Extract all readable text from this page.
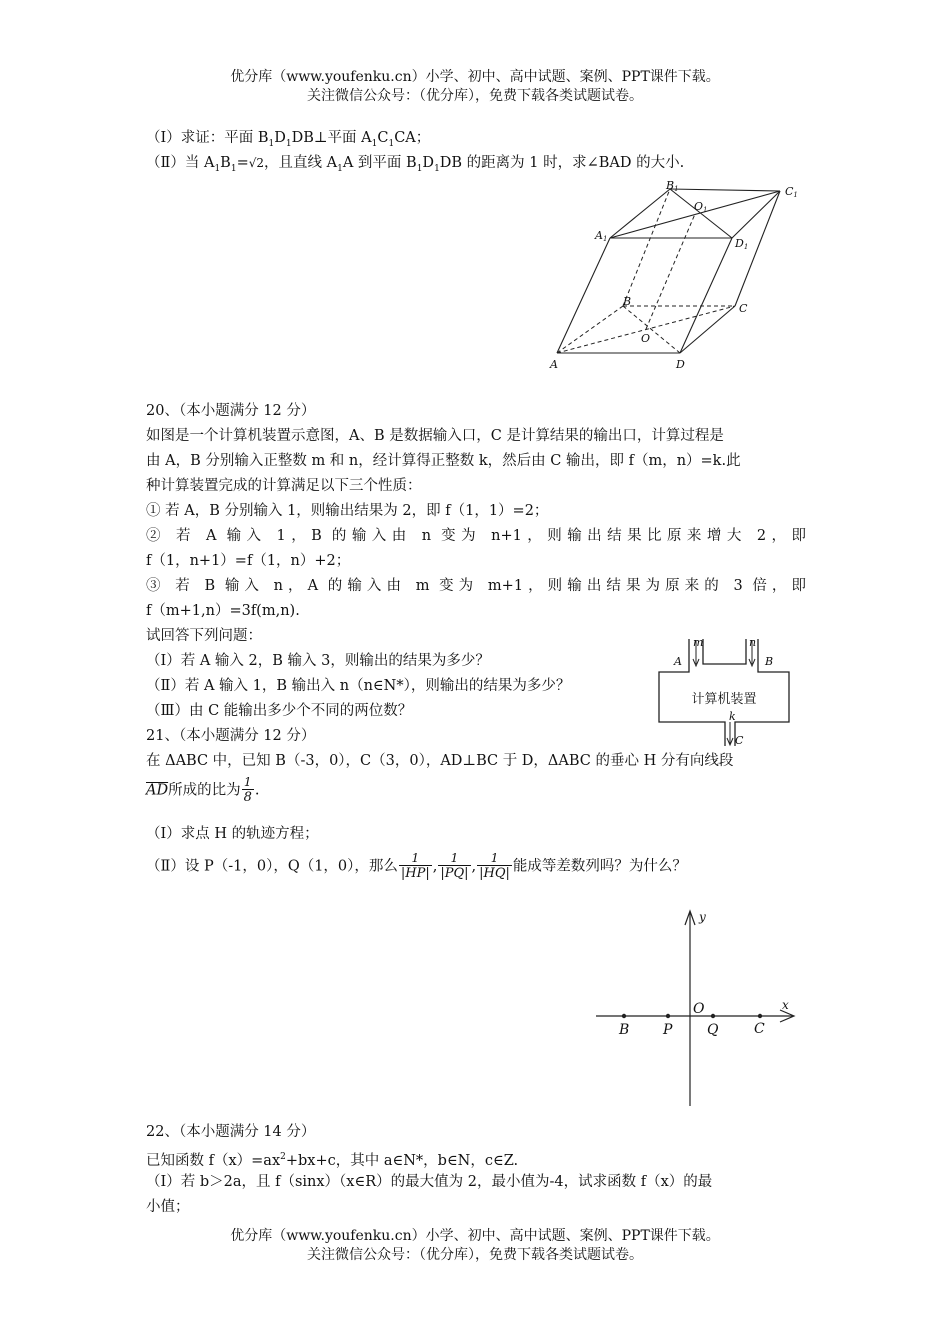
优分库（www.youfenku.cn）小学、初中、高中试题、案例、PPT课件下载。
关注微信公众号：（优分库），免费下载各类试题试卷。
（Ⅰ）求证：平面 $B_1D_1DB\perp$平面 $A_1C_1CA$；
（Ⅱ）当 $A_1B_1=√2$，且直线 $A_1A$ 到平面 $B_1D_1DB$ 的距离为 1 时，求∠BAD 的大小.
A	D
B
C
O
A1
B1	C1
D1
O1
20、（本小题满分 12 分）
如图是一个计算机装置示意图，A、B 是数据输入口，C 是计算结果的输出口，计算过程是
由 A，B 分别输入正整数 m 和 n，经计算得正整数 k，然后由 C 输出，即 f（m，n）=k.此
种计算装置完成的计算满足以下三个性质：
① 若 A，B 分别输入 1，则输出结果为 2，即 f（1，1）=2；
② 若 A 输入 1，B 的输入由 n 变为 n+1，则输出结果比原来增大 2，即
f（1，n+1）=f（1，n）+2；
③ 若 B 输入 n，A 的输入由 m 变为 m+1，则输出结果为原来的 3 倍，即
f（m+1,n）=3f(m,n).
试回答下列问题：
（Ⅰ）若 A 输入 2，B 输入 3，则输出的结果为多少？
（Ⅱ）若 A 输入 1，B 输出入 n（n∈N*），则输出的结果为多少？
（Ⅲ）由 C 能输出多少个不同的两位数？
m	n
A	B
k
C
计算机装置
21、（本小题满分 12 分）
在 ΔABC 中，已知 B（-3，0），C（3，0），AD⊥BC 于 D，ΔABC 的垂心 H 分有向线段
$\overline{AD}$所成的比为 $\frac{1}{8}$ .
（Ⅰ）求点 H 的轨迹方程；
（Ⅱ）设 P（-1，0），Q（1，0），那么 $\frac{1}{|HP|}$ , $\frac{1}{|PQ|}$ , $\frac{1}{|HQ|}$ 能成等差数列吗？为什么？
y
x
O
B P Q	C
22、（本小题满分 14 分）
已知函数 $f(x)=ax^2+bx+c$，其中 a∈N*，b∈N，c∈Z.
（Ⅰ）若 b＞2a，且 f（sinx）（x∈R）的最大值为 2，最小值为-4，试求函数 f（x）的最
小值；
优分库（www.youfenku.cn）小学、初中、高中试题、案例、PPT课件下载。
关注微信公众号：（优分库），免费下载各类试题试卷。
